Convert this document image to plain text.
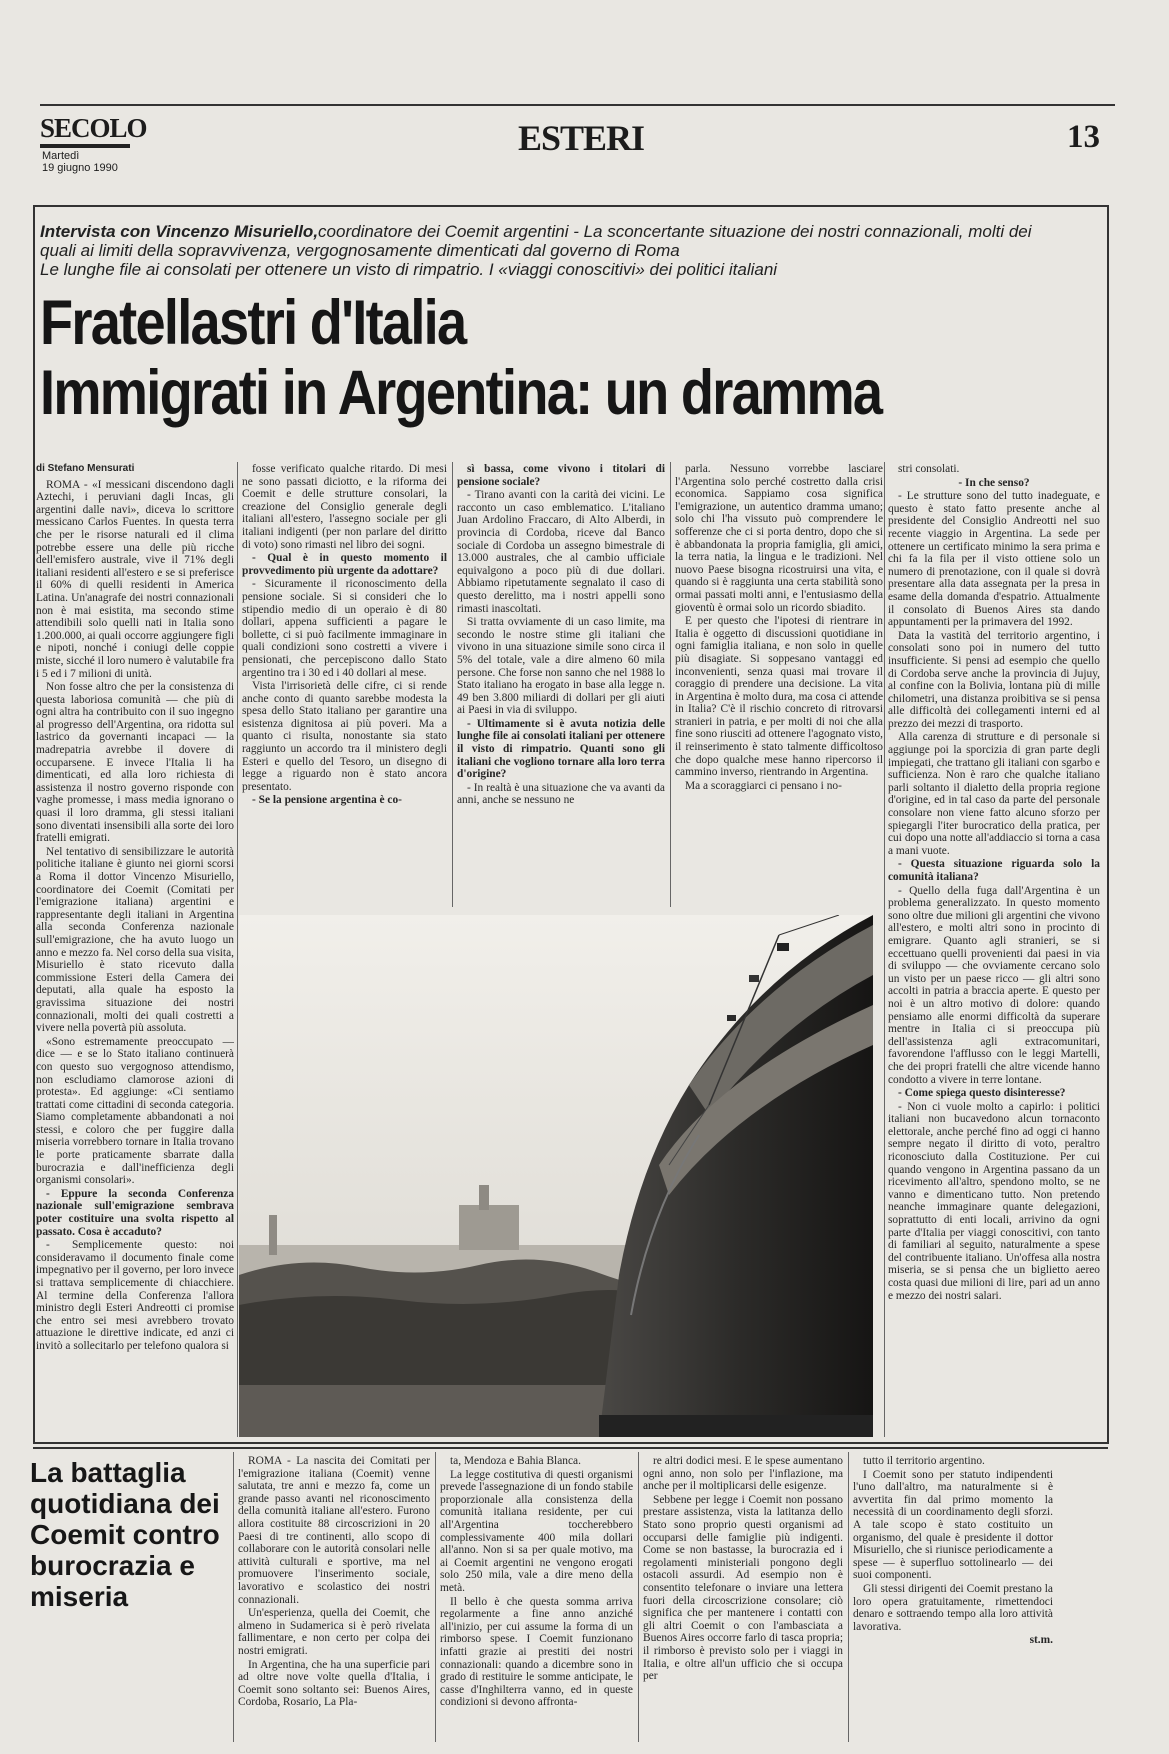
SECOLO
Martedì
19 giugno 1990
ESTERI	13
Intervista con Vincenzo Misuriello,coordinatore dei Coemit argentini - La sconcertante situazione dei nostri connazionali, molti dei quali ai limiti della sopravvivenza, vergognosamente dimenticati dal governo di Roma
Le lunghe file ai consolati per ottenere un visto di rimpatrio. I «viaggi conoscitivi» dei politici italiani
Fratellastri d'Italia
Immigrati in Argentina: un dramma

di Stefano Mensurati

ROMA - «I messicani discendono dagli Aztechi, i peruviani dagli Incas, gli argentini dalle navi», diceva lo scrittore messicano Carlos Fuentes. In questa terra che per le risorse naturali ed il clima potrebbe essere una delle più ricche dell'emisfero australe, vive il 71% degli italiani residenti all'estero e se si preferisce il 60% di quelli residenti in America Latina. Un'anagrafe dei nostri connazionali non è mai esistita, ma secondo stime attendibili solo quelli nati in Italia sono 1.200.000, ai quali occorre aggiungere figli e nipoti, nonché i coniugi delle coppie miste, sicché il loro numero è valutabile fra i 5 ed i 7 milioni di unità.

Non fosse altro che per la consistenza di questa laboriosa comunità — che più di ogni altra ha contribuito con il suo ingegno al progresso dell'Argentina, ora ridotta sul lastrico da governanti incapaci — la madrepatria avrebbe il dovere di occuparsene. E invece l'Italia li ha dimenticati, ed alla loro richiesta di assistenza il nostro governo risponde con vaghe promesse, i mass media ignorano o quasi il loro dramma, gli stessi italiani sono diventati insensibili alla sorte dei loro fratelli emigrati.

Nel tentativo di sensibilizzare le autorità politiche italiane è giunto nei giorni scorsi a Roma il dottor Vincenzo Misuriello, coordinatore dei Coemit (Comitati per l'emigrazione italiana) argentini e rappresentante degli italiani in Argentina alla seconda Conferenza nazionale sull'emigrazione, che ha avuto luogo un anno e mezzo fa. Nel corso della sua visita, Misuriello è stato ricevuto dalla commissione Esteri della Camera dei deputati, alla quale ha esposto la gravissima situazione dei nostri connazionali, molti dei quali costretti a vivere nella povertà più assoluta.

«Sono estremamente preoccupato — dice — e se lo Stato italiano continuerà con questo suo vergognoso attendismo, non escludiamo clamorose azioni di protesta». Ed aggiunge: «Ci sentiamo trattati come cittadini di seconda categoria. Siamo completamente abbandonati a noi stessi, e coloro che per fuggire dalla miseria vorrebbero tornare in Italia trovano le porte praticamente sbarrate dalla burocrazia e dall'inefficienza degli organismi consolari».

- Eppure la seconda Conferenza nazionale sull'emigrazione sembrava poter costituire una svolta rispetto al passato. Cosa è accaduto?

- Semplicemente questo: noi consideravamo il documento finale come impegnativo per il governo, per loro invece si trattava semplicemente di chiacchiere. Al termine della Conferenza l'allora ministro degli Esteri Andreotti ci promise che entro sei mesi avrebbero trovato attuazione le direttive indicate, ed anzi ci invitò a sollecitarlo per telefono qualora si

fosse verificato qualche ritardo. Di mesi ne sono passati diciotto, e la riforma dei Coemit e delle strutture consolari, la creazione del Consiglio generale degli italiani all'estero, l'assegno sociale per gli italiani indigenti (per non parlare del diritto di voto) sono rimasti nel libro dei sogni.

- Qual è in questo momento il provvedimento più urgente da adottare?

- Sicuramente il riconoscimento della pensione sociale. Si si consideri che lo stipendio medio di un operaio è di 80 dollari, appena sufficienti a pagare le bollette, ci si può facilmente immaginare in quali condizioni sono costretti a vivere i pensionati, che percepiscono dallo Stato argentino tra i 30 ed i 40 dollari al mese.

Vista l'irrisorietà delle cifre, ci si rende anche conto di quanto sarebbe modesta la spesa dello Stato italiano per garantire una esistenza dignitosa ai più poveri. Ma a quanto ci risulta, nonostante sia stato raggiunto un accordo tra il ministero degli Esteri e quello del Tesoro, un disegno di legge a riguardo non è stato ancora presentato.

- Se la pensione argentina è co-

sì bassa, come vivono i titolari di pensione sociale?

- Tirano avanti con la carità dei vicini. Le racconto un caso emblematico. L'italiano Juan Ardolino Fraccaro, di Alto Alberdi, in provincia di Cordoba, riceve dal Banco sociale di Cordoba un assegno bimestrale di 13.000 australes, che al cambio ufficiale equivalgono a poco più di due dollari. Abbiamo ripetutamente segnalato il caso di questo derelitto, ma i nostri appelli sono rimasti inascoltati.

Si tratta ovviamente di un caso limite, ma secondo le nostre stime gli italiani che vivono in una situazione simile sono circa il 5% del totale, vale a dire almeno 60 mila persone. Che forse non sanno che nel 1988 lo Stato italiano ha erogato in base alla legge n. 49 ben 3.800 miliardi di dollari per gli aiuti ai Paesi in via di sviluppo.

- Ultimamente si è avuta notizia delle lunghe file ai consolati italiani per ottenere il visto di rimpatrio. Quanti sono gli italiani che vogliono tornare alla loro terra d'origine?

- In realtà è una situazione che va avanti da anni, anche se nessuno ne

parla. Nessuno vorrebbe lasciare l'Argentina solo perché costretto dalla crisi economica. Sappiamo cosa significa l'emigrazione, un autentico dramma umano; solo chi l'ha vissuto può comprendere le sofferenze che ci si porta dentro, dopo che si è abbandonata la propria famiglia, gli amici, la terra natia, la lingua e le tradizioni. Nel nuovo Paese bisogna ricostruirsi una vita, e quando si è raggiunta una certa stabilità sono ormai passati molti anni, e l'entusiasmo della gioventù è ormai solo un ricordo sbiadito.

E per questo che l'ipotesi di rientrare in Italia è oggetto di discussioni quotidiane in ogni famiglia italiana, e non solo in quelle più disagiate. Si soppesano vantaggi ed inconvenienti, senza quasi mai trovare il coraggio di prendere una decisione. La vita in Argentina è molto dura, ma cosa ci attende in Italia? C'è il rischio concreto di ritrovarsi stranieri in patria, e per molti di noi che alla fine sono riusciti ad ottenere l'agognato visto, il reinserimento è stato talmente difficoltoso che dopo qualche mese hanno ripercorso il cammino inverso, rientrando in Argentina.

Ma a scoraggiarci ci pensano i no-

stri consolati.

- In che senso?

- Le strutture sono del tutto inadeguate, e questo è stato fatto presente anche al presidente del Consiglio Andreotti nel suo recente viaggio in Argentina. La sede per ottenere un certificato minimo la sera prima e chi fa la fila per il visto ottiene solo un numero di prenotazione, con il quale si dovrà presentare alla data assegnata per la presa in esame della domanda d'espatrio. Attualmente il consolato di Buenos Aires sta dando appuntamenti per la primavera del 1992.

Data la vastità del territorio argentino, i consolati sono poi in numero del tutto insufficiente. Si pensi ad esempio che quello di Cordoba serve anche la provincia di Jujuy, al confine con la Bolivia, lontana più di mille chilometri, una distanza proibitiva se si pensa alle difficoltà dei collegamenti interni ed al prezzo dei mezzi di trasporto.

Alla carenza di strutture e di personale si aggiunge poi la sporcizia di gran parte degli impiegati, che trattano gli italiani con sgarbo e sufficienza. Non è raro che qualche italiano parli soltanto il dialetto della propria regione d'origine, ed in tal caso da parte del personale consolare non viene fatto alcuno sforzo per spiegargli l'iter burocratico della pratica, per cui dopo una notte all'addiaccio si torna a casa a mani vuote.

- Questa situazione riguarda solo la comunità italiana?

- Quello della fuga dall'Argentina è un problema generalizzato. In questo momento sono oltre due milioni gli argentini che vivono all'estero, e molti altri sono in procinto di emigrare. Quanto agli stranieri, se si eccettuano quelli provenienti dai paesi in via di sviluppo — che ovviamente cercano solo un visto per un paese ricco — gli altri sono accolti in patria a braccia aperte. E questo per noi è un altro motivo di dolore: quando pensiamo alle enormi difficoltà da superare mentre in Italia ci si preoccupa più dell'assistenza agli extracomunitari, favorendone l'afflusso con le leggi Martelli, che dei propri fratelli che altre vicende hanno condotto a vivere in terre lontane.

- Come spiega questo disinteresse?

- Non ci vuole molto a capirlo: i politici italiani non bucavedono alcun tornaconto elettorale, anche perché fino ad oggi ci hanno sempre negato il diritto di voto, peraltro riconosciuto dalla Costituzione. Per cui quando vengono in Argentina passano da un ricevimento all'altro, spendono molto, se ne vanno e dimenticano tutto. Non pretendo neanche immaginare quante delegazioni, soprattutto di enti locali, arrivino da ogni parte d'Italia per viaggi conoscitivi, con tanto di familiari al seguito, naturalmente a spese del contribuente italiano. Un'offesa alla nostra miseria, se si pensa che un biglietto aereo costa quasi due milioni di lire, pari ad un anno e mezzo dei nostri salari.

La battaglia quotidiana dei Coemit contro burocrazia e miseria

ROMA - La nascita dei Comitati per l'emigrazione italiana (Coemit) venne salutata, tre anni e mezzo fa, come un grande passo avanti nel riconoscimento della comunità italiane all'estero. Furono allora costituite 88 circoscrizioni in 20 Paesi di tre continenti, allo scopo di collaborare con le autorità consolari nelle attività culturali e sportive, ma nel promuovere l'inserimento sociale, lavorativo e scolastico dei nostri connazionali.

Un'esperienza, quella dei Coemit, che almeno in Sudamerica si è però rivelata fallimentare, e non certo per colpa dei nostri emigrati.

In Argentina, che ha una superficie pari ad oltre nove volte quella d'Italia, i Coemit sono soltanto sei: Buenos Aires, Cordoba, Rosario, La Pla-

ta, Mendoza e Bahia Blanca.

La legge costitutiva di questi organismi prevede l'assegnazione di un fondo stabile proporzionale alla consistenza della comunità italiana residente, per cui all'Argentina toccherebbero complessivamente 400 mila dollari all'anno. Non si sa per quale motivo, ma ai Coemit argentini ne vengono erogati solo 250 mila, vale a dire meno della metà.

Il bello è che questa somma arriva regolarmente a fine anno anziché all'inizio, per cui assume la forma di un rimborso spese. I Coemit funzionano infatti grazie ai prestiti dei nostri connazionali: quando a dicembre sono in grado di restituire le somme anticipate, le casse d'Inghilterra vanno, ed in queste condizioni si devono affronta-

re altri dodici mesi. E le spese aumentano ogni anno, non solo per l'inflazione, ma anche per il moltiplicarsi delle esigenze.

Sebbene per legge i Coemit non possano prestare assistenza, vista la latitanza dello Stato sono proprio questi organismi ad occuparsi delle famiglie più indigenti. Come se non bastasse, la burocrazia ed i regolamenti ministeriali pongono degli ostacoli assurdi. Ad esempio non è consentito telefonare o inviare una lettera fuori della circoscrizione consolare; ciò significa che per mantenere i contatti con gli altri Coemit o con l'ambasciata a Buenos Aires occorre farlo di tasca propria; il rimborso è previsto solo per i viaggi in Italia, e oltre all'un ufficio che si occupa per

tutto il territorio argentino.

I Coemit sono per statuto indipendenti l'uno dall'altro, ma naturalmente si è avvertita fin dal primo momento la necessità di un coordinamento degli sforzi. A tale scopo è stato costituito un organismo, del quale è presidente il dottor Misuriello, che si riunisce periodicamente a spese — è superfluo sottolinearlo — dei suoi componenti.

Gli stessi dirigenti dei Coemit prestano la loro opera gratuitamente, rimettendoci denaro e sottraendo tempo alla loro attività lavorativa.

st.m.
